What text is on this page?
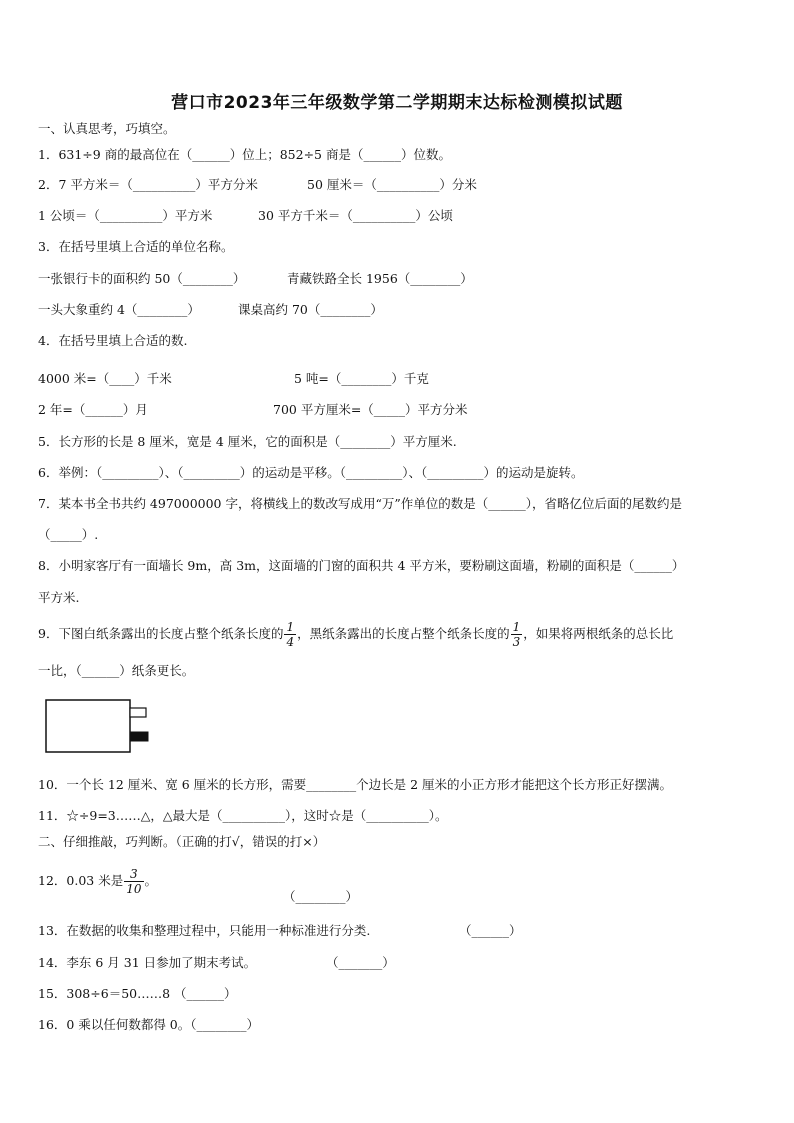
营口市2023年三年级数学第二学期期末达标检测模拟试题
一、认真思考，巧填空。
1．631÷9 商的最高位在（______）位上；852÷5 商是（______）位数。
2．7 平方米＝（__________）平方分米	50 厘米＝（__________）分米
1 公顷＝（__________）平方米	30 平方千米＝（__________）公顷
3．在括号里填上合适的单位名称。
一张银行卡的面积约 50（________）	青藏铁路全长 1956（________）
一头大象重约 4（________）	课桌高约 70（________）
4．在括号里填上合适的数.
4000 米=（____）千米	5 吨=（________）千克
2 年=（______）月	700 平方厘米=（_____）平方分米
5．长方形的长是 8 厘米，宽是 4 厘米，它的面积是（________）平方厘米.
6．举例：（_________）、（_________）的运动是平移。（_________）、（_________）的运动是旋转。
7．某本书全书共约 497000000 字，将横线上的数改写成用“万”作单位的数是（______），省略亿位后面的尾数约是
（_____）.
8．小明家客厅有一面墙长 9m，高 3m，这面墙的门窗的面积共 4 平方米，要粉刷这面墙，粉刷的面积是（______）
平方米.
9．下图白纸条露出的长度占整个纸条长度的 $\frac{1}{4}$ ，黑纸条露出的长度占整个纸条长度的 $\frac{1}{3}$ ，如果将两根纸条的总长比
一比，（______）纸条更长。
10．一个长 12 厘米、宽 6 厘米的长方形，需要________个边长是 2 厘米的小正方形才能把这个长方形正好摆满。
11．☆÷9=3……△，△最大是（__________），这时☆是（__________）。
二、仔细推敲，巧判断。（正确的打√，错误的打×）
12．0.03 米是 $\frac{3}{10}$ 。
（________）
13．在数据的收集和整理过程中，只能用一种标准进行分类.	（______）
14．李东 6 月 31 日参加了期末考试。	（_______）
15．308÷6＝50……8 （______）
16．0 乘以任何数都得 0。（________）
